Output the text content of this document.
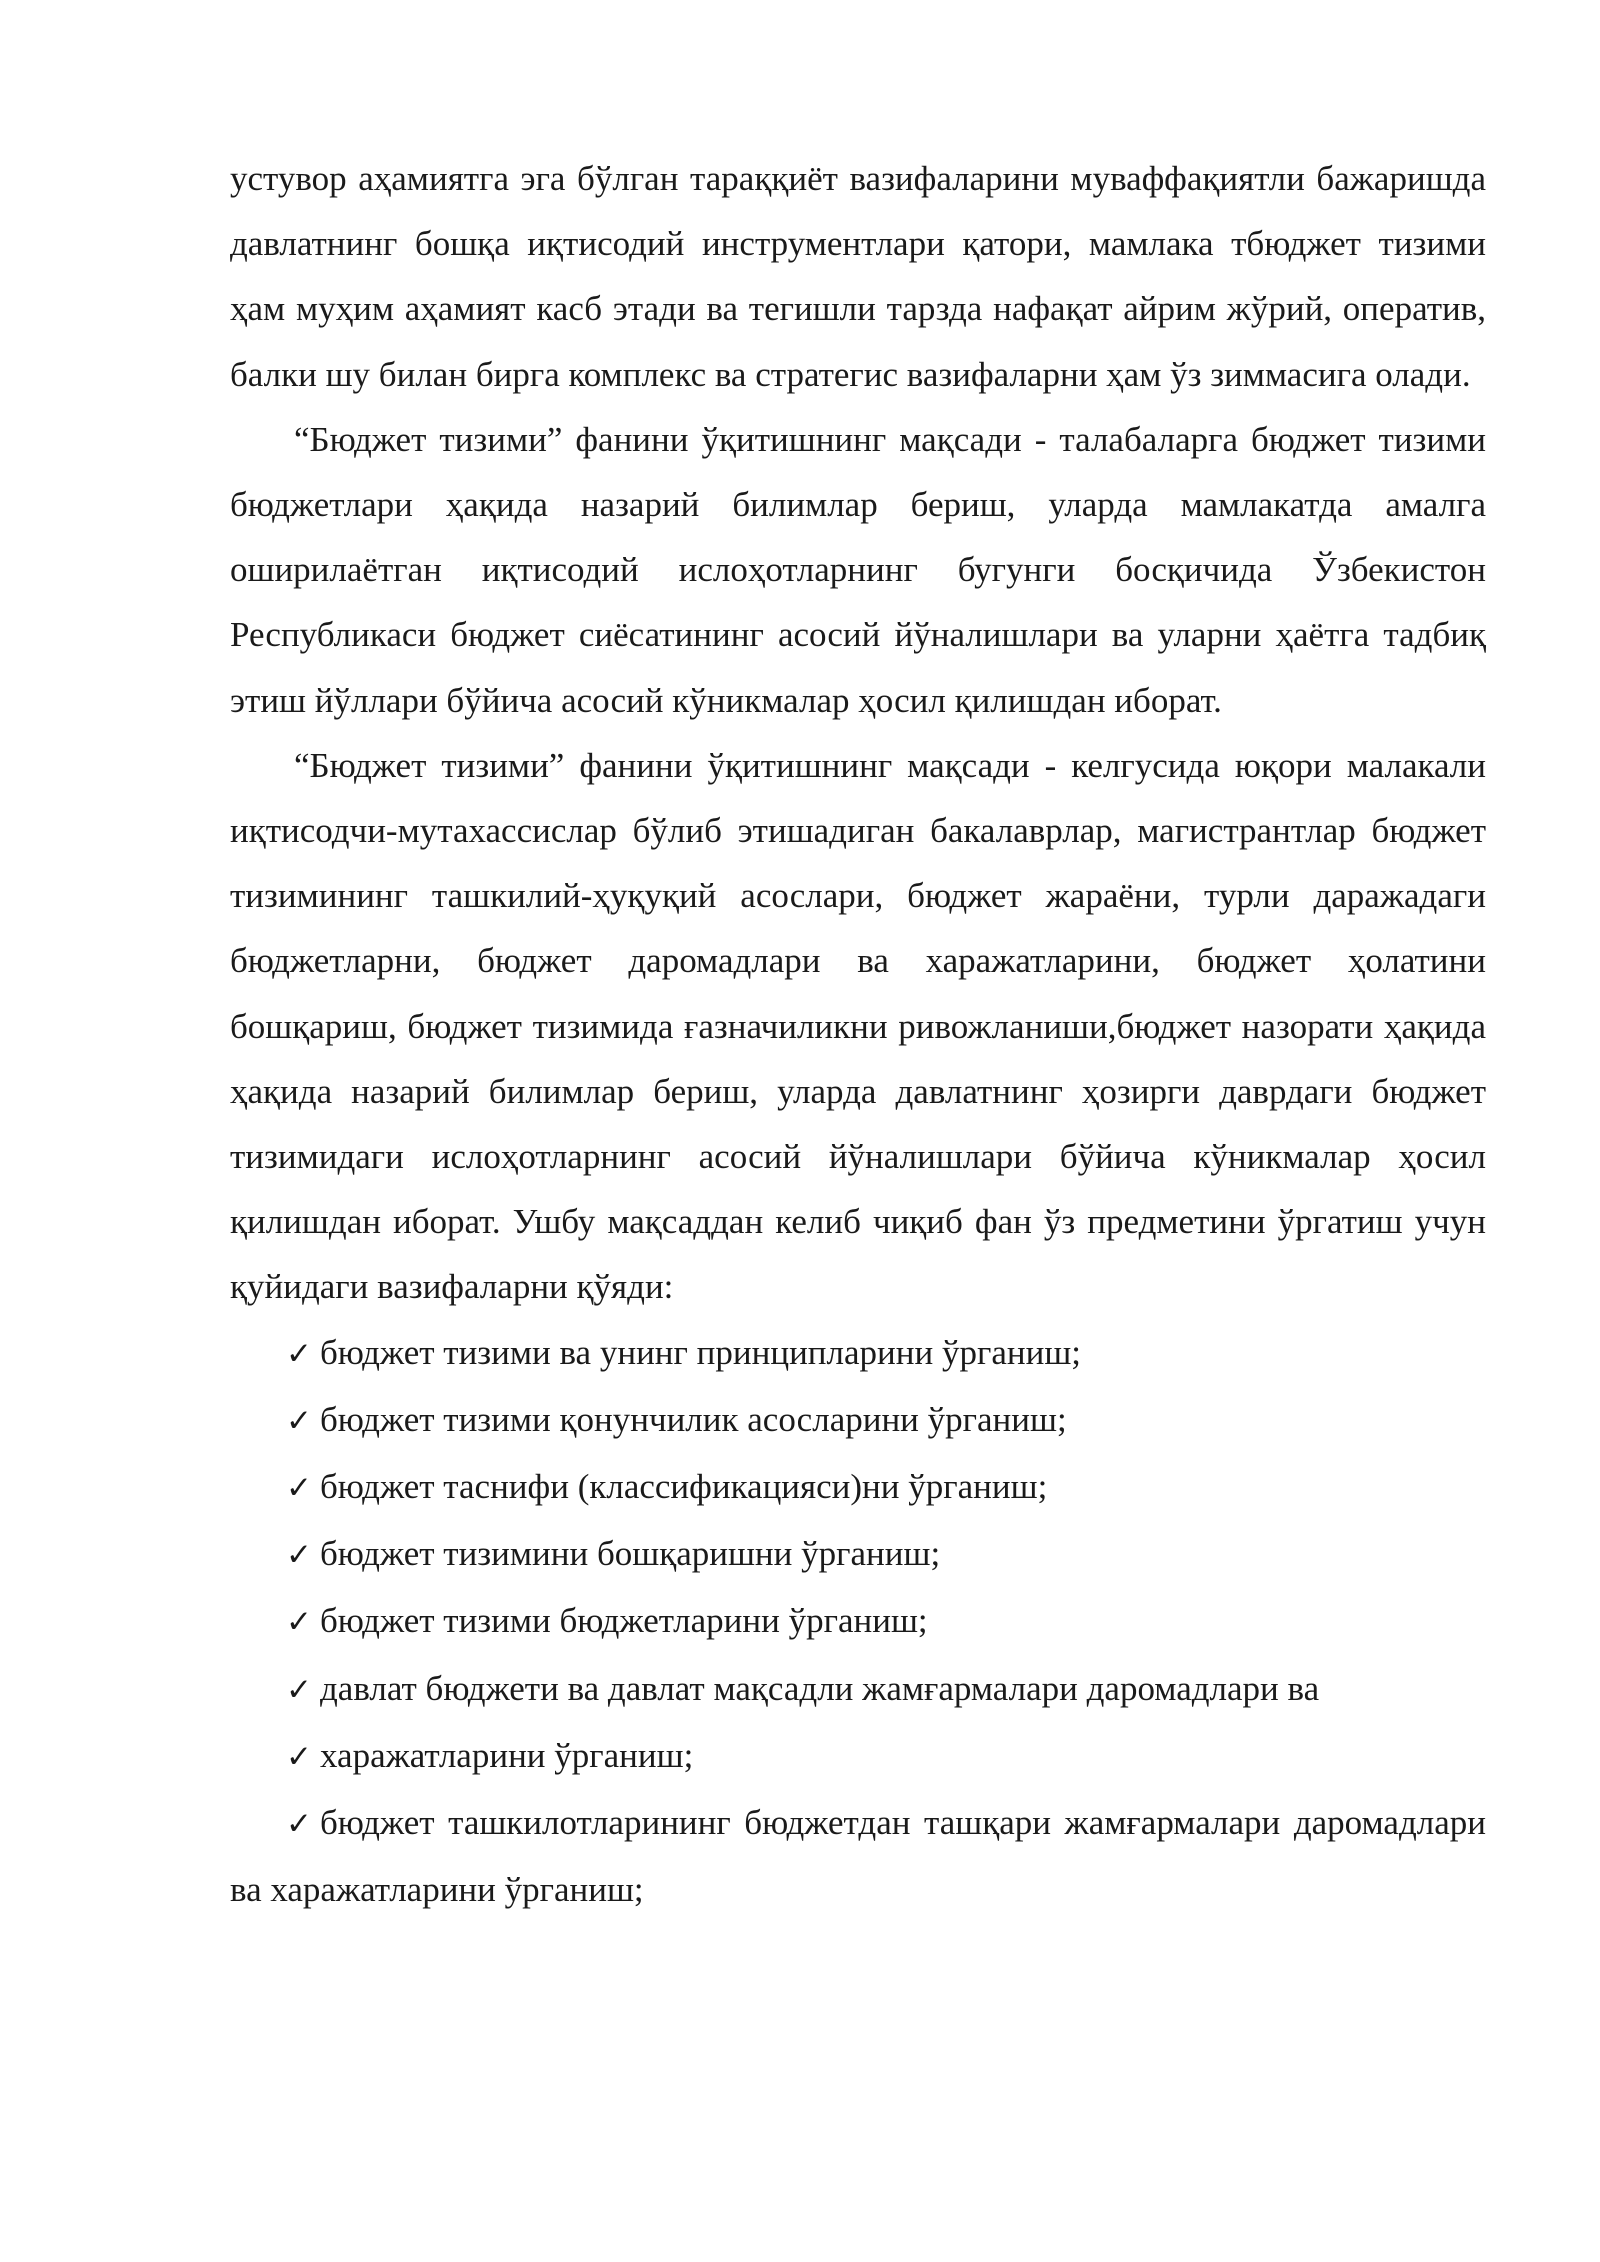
устувор аҳамиятга эга бўлган тараққиёт вазифаларини муваффақиятли бажаришда давлатнинг бошқа иқтисодий инструментлари қатори, мамлака тбюджет тизими ҳам муҳим аҳамият касб этади ва тегишли тарзда нафақат айрим жўрий, оператив, балки шу билан бирга комплекс ва стратегис вазифаларни ҳам ўз зиммасига олади.

“Бюджет тизими” фанини ўқитишнинг мақсади - талабаларга бюджет тизими бюджетлари ҳақида назарий билимлар бериш, уларда мамлакатда амалга оширилаётган иқтисодий ислоҳотларнинг бугунги босқичида Ўзбекистон Республикаси бюджет сиёсатининг асосий йўналишлари ва уларни ҳаётга тадбиқ этиш йўллари бўйича асосий кўникмалар ҳосил қилишдан иборат.

“Бюджет тизими” фанини ўқитишнинг мақсади - келгусида юқори малакали иқтисодчи-мутахассислар бўлиб этишадиган бакалаврлар, магистрантлар бюджет тизимининг ташкилий-ҳуқуқий асослари, бюджет жараёни, турли даражадаги бюджетларни, бюджет даромадлари ва харажатларини, бюджет ҳолатини бошқариш, бюджет тизимида ғазначиликни ривожланиши,бюджет назорати ҳақида ҳақида назарий билимлар бериш, уларда давлатнинг ҳозирги даврдаги бюджет тизимидаги ислоҳотларнинг асосий йўналишлари бўйича кўникмалар ҳосил қилишдан иборат. Ушбу мақсаддан келиб чиқиб фан ўз предметини ўргатиш учун қуйидаги вазифаларни қўяди:

✓ бюджет тизими ва унинг принципларини ўрганиш;
✓ бюджет тизими қонунчилик асосларини ўрганиш;
✓ бюджет таснифи (классификацияси)ни ўрганиш;
✓ бюджет тизимини бошқаришни ўрганиш;
✓ бюджет тизими бюджетларини ўрганиш;
✓ давлат бюджети ва давлат мақсадли жамғармалари даромадлари ва
✓ харажатларини ўрганиш;
✓ бюджет ташкилотларининг бюджетдан ташқари жамғармалари даромадлари ва харажатларини ўрганиш;
